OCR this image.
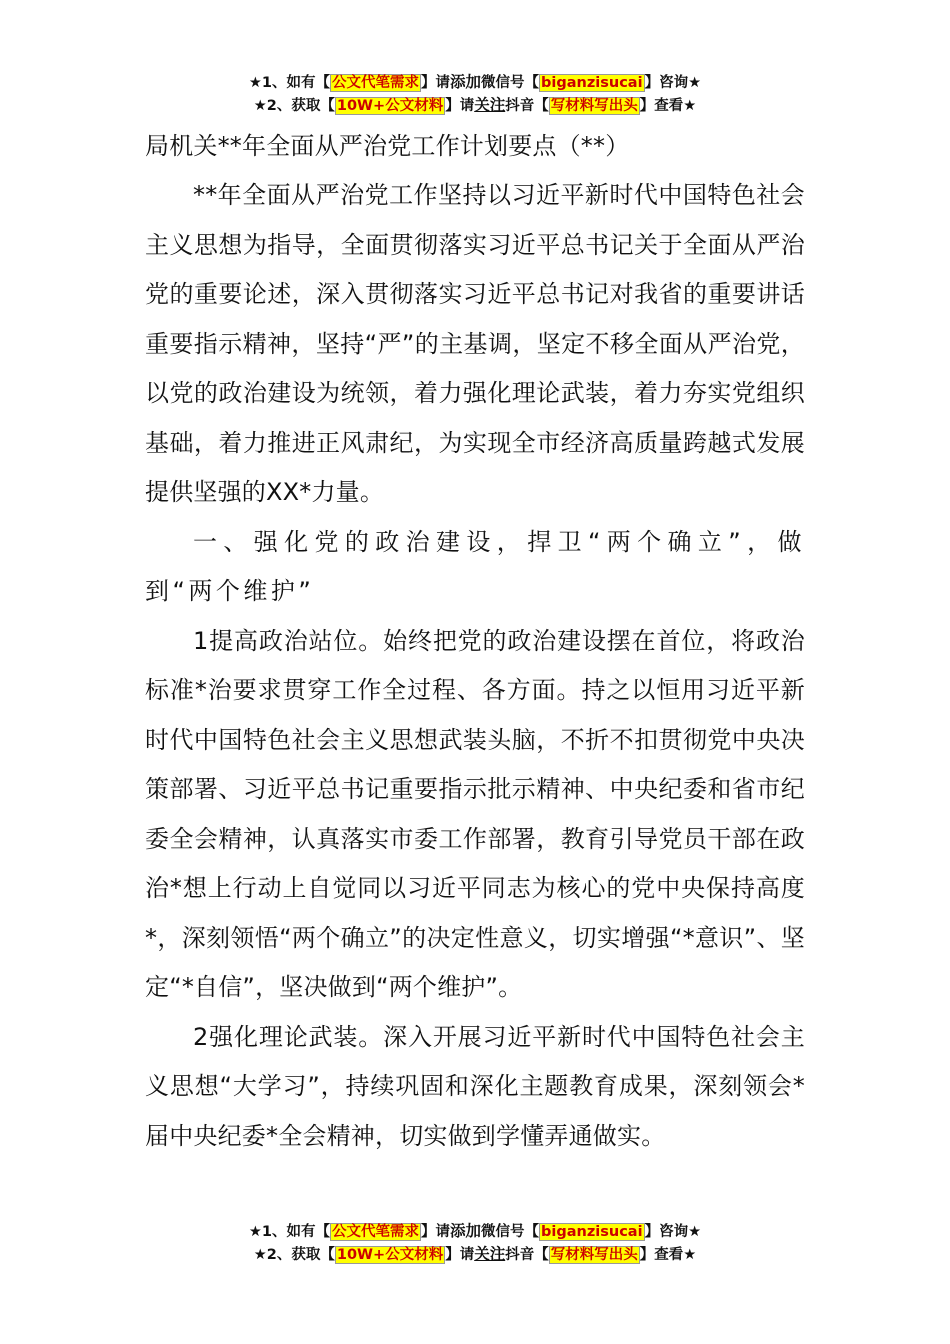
★1、如有【 公文代笔需求 】请添加微信号【 biganzisucai 】咨询★
★2、获取【 10W+公文材料 】请关注抖音【 写材料写出头 】查看★

局机关**年全面从严治党工作计划要点（**）

**年全面从严治党工作坚持以习近平新时代中国特色社会主义思想为指导，全面贯彻落实习近平总书记关于全面从严治党的重要论述，深入贯彻落实习近平总书记对我省的重要讲话重要指示精神，坚持“严”的主基调，坚定不移全面从严治党，以党的政治建设为统领，着力强化理论武装，着力夯实党组织基础，着力推进正风肃纪，为实现全市经济高质量跨越式发展提供坚强的XX*力量。

一、强化党的政治建设，捍卫“两个确立”，做到“两个维护”

1提高政治站位。始终把党的政治建设摆在首位，将政治标准*治要求贯穿工作全过程、各方面。持之以恒用习近平新时代中国特色社会主义思想武装头脑，不折不扣贯彻党中央决策部署、习近平总书记重要指示批示精神、中央纪委和省市纪委全会精神，认真落实市委工作部署，教育引导党员干部在政治*想上行动上自觉同以习近平同志为核心的党中央保持高度*，深刻领悟“两个确立”的决定性意义，切实增强“*意识”、坚定“*自信”，坚决做到“两个维护”。

2强化理论武装。深入开展习近平新时代中国特色社会主义思想“大学习”，持续巩固和深化主题教育成果，深刻领会*届中央纪委*全会精神，切实做到学懂弄通做实。

★1、如有【 公文代笔需求 】请添加微信号【 biganzisucai 】咨询★
★2、获取【 10W+公文材料 】请关注抖音【 写材料写出头 】查看★
